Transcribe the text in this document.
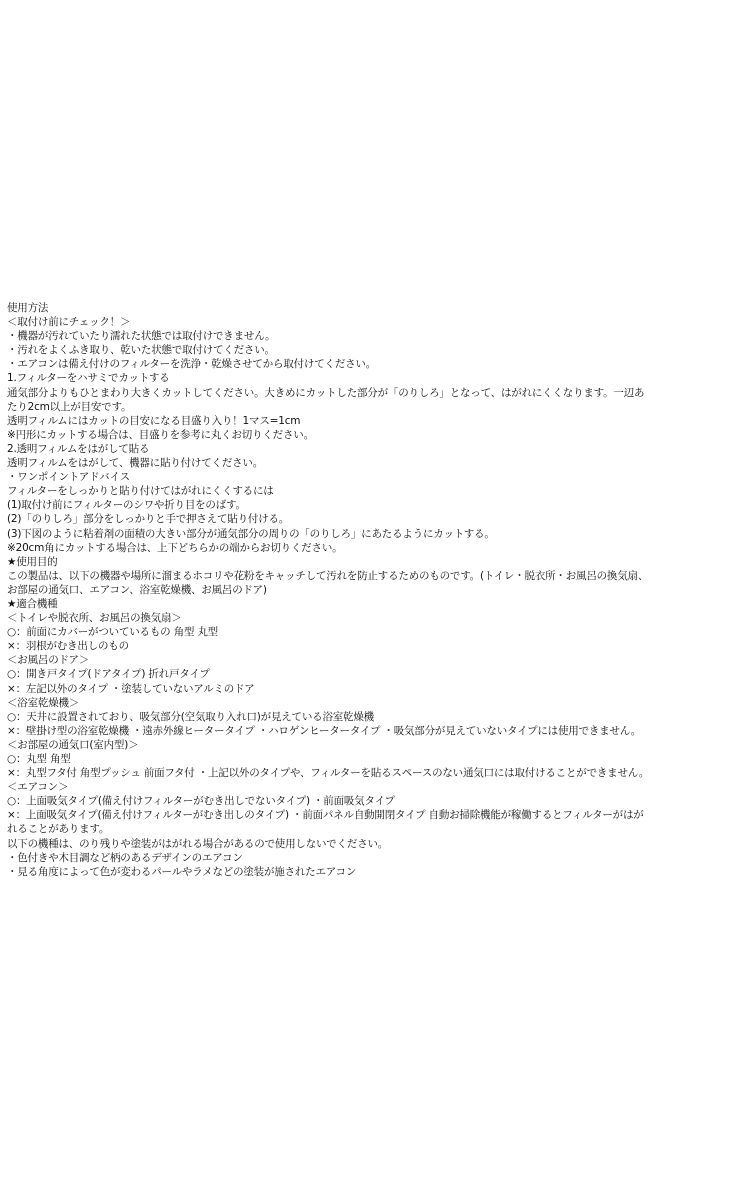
使用方法
＜取付け前にチェック！＞
・機器が汚れていたり濡れた状態では取付けできません。
・汚れをよくふき取り、乾いた状態で取付けてください。
・エアコンは備え付けのフィルターを洗浄・乾燥させてから取付けてください。
1.フィルターをハサミでカットする
通気部分よりもひとまわり大きくカットしてください。大きめにカットした部分が「のりしろ」となって、はがれにくくなります。一辺あたり2cm以上が目安です。
透明フィルムにはカットの目安になる目盛り入り！1マス=1cm
※円形にカットする場合は、目盛りを参考に丸くお切りください。
2.透明フィルムをはがして貼る
透明フィルムをはがして、機器に貼り付けてください。
・ワンポイントアドバイス
フィルターをしっかりと貼り付けてはがれにくくするには
(1)取付け前にフィルターのシワや折り目をのばす。
(2)「のりしろ」部分をしっかりと手で押さえて貼り付ける。
(3)下図のように粘着剤の面積の大きい部分が通気部分の周りの「のりしろ」にあたるようにカットする。
※20cm角にカットする場合は、上下どちらかの端からお切りください。
★使用目的
この製品は、以下の機器や場所に溜まるホコリや花粉をキャッチして汚れを防止するためのものです。(トイレ・脱衣所・お風呂の換気扇、お部屋の通気口、エアコン、浴室乾燥機、お風呂のドア)
★適合機種
＜トイレや脱衣所、お風呂の換気扇＞
○：前面にカバーがついているもの 角型 丸型
×：羽根がむき出しのもの
＜お風呂のドア＞
○：開き戸タイプ(ドアタイプ) 折れ戸タイプ
×：左記以外のタイプ ・塗装していないアルミのドア
＜浴室乾燥機＞
○：天井に設置されており、吸気部分(空気取り入れ口)が見えている浴室乾燥機
×：壁掛け型の浴室乾燥機 ・遠赤外線ヒータータイプ ・ハロゲンヒータータイプ ・吸気部分が見えていないタイプには使用できません。
＜お部屋の通気口(室内型)＞
○：丸型 角型
×：丸型フタ付 角型プッシュ 前面フタ付 ・上記以外のタイプや、フィルターを貼るスペースのない通気口には取付けることができません。
＜エアコン＞
○：上面吸気タイプ(備え付けフィルターがむき出しでないタイプ) ・前面吸気タイプ
×：上面吸気タイプ(備え付けフィルターがむき出しのタイプ) ・前面パネル自動開閉タイプ 自動お掃除機能が稼働するとフィルターがはがれることがあります。
以下の機種は、のり残りや塗装がはがれる場合があるので使用しないでください。
・色付きや木目調など柄のあるデザインのエアコン
・見る角度によって色が変わるパールやラメなどの塗装が施されたエアコン
